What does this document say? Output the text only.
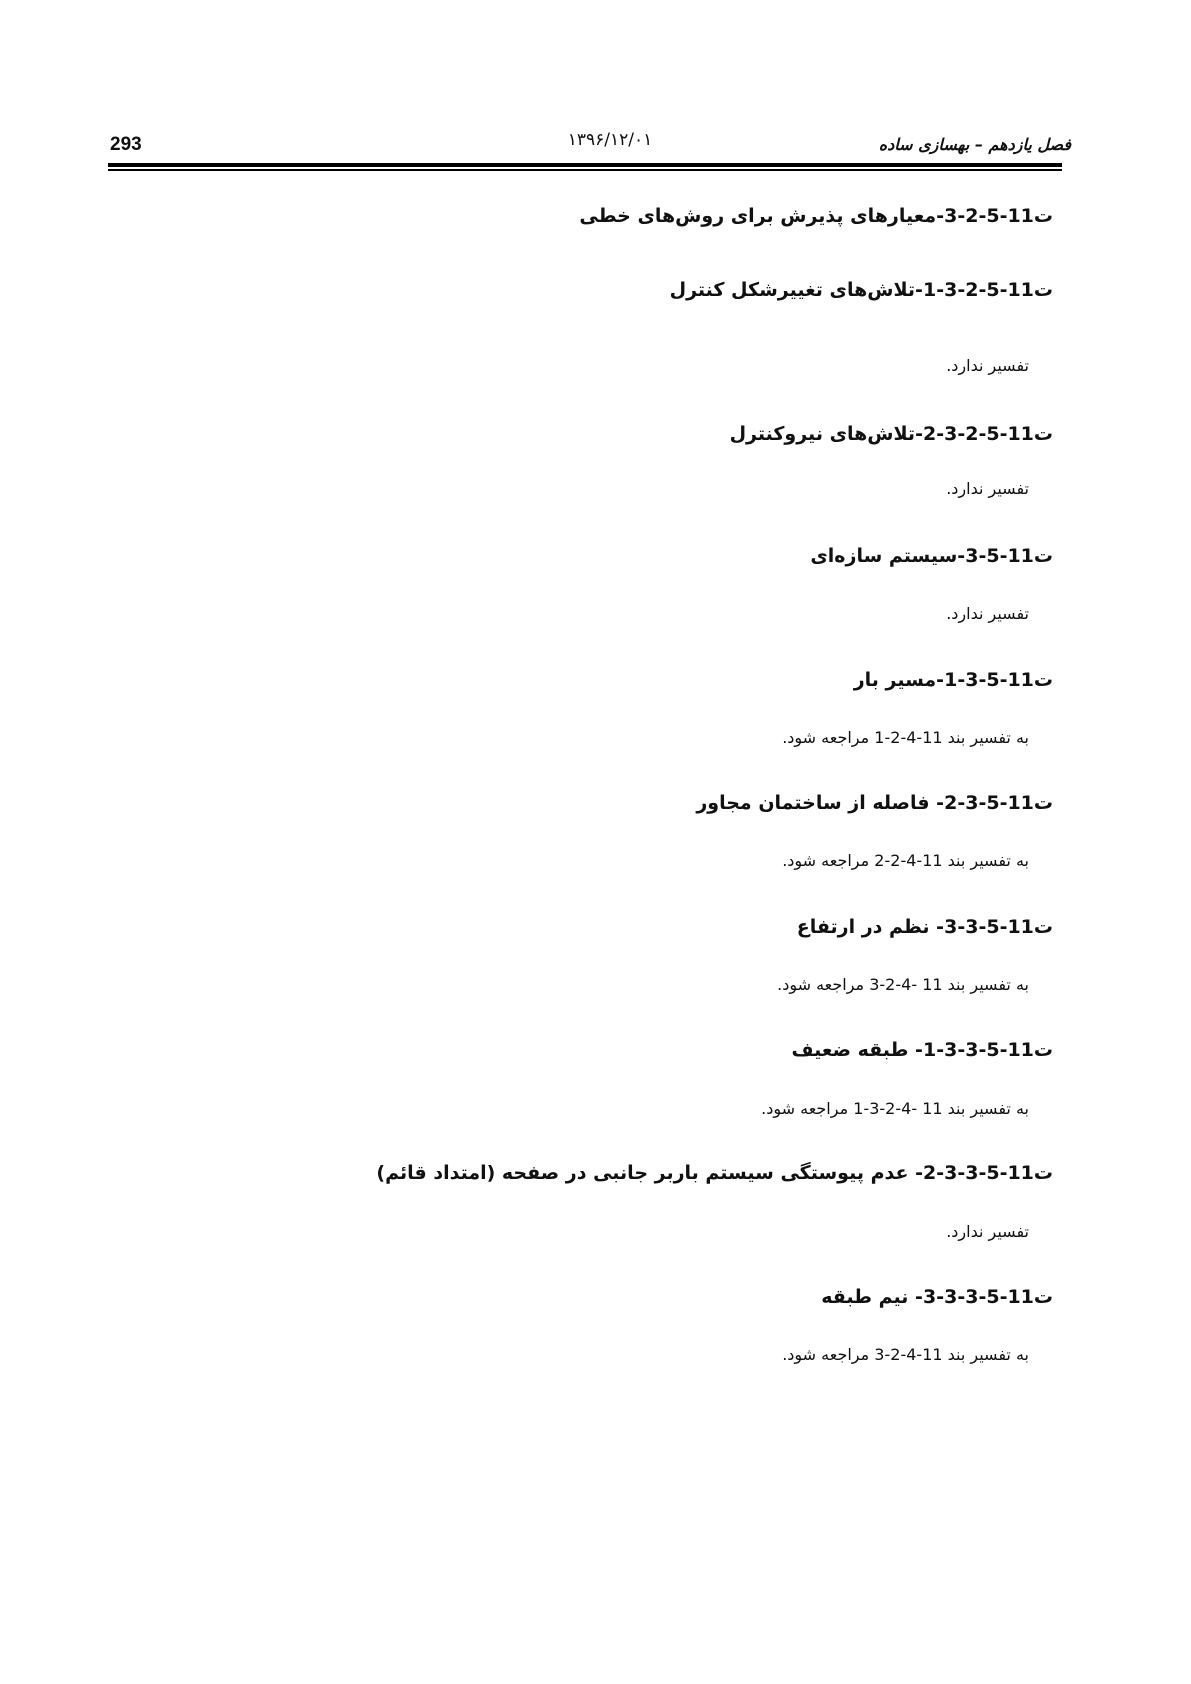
293	۱۳۹۶/۱۲/۰۱	فصل یازدهم – بهسازی ساده
ت11-5-2-3-معیارهای پذیرش برای روش‌های خطی
ت11-5-2-3-1-تلاش‌های تغییرشکل کنترل
تفسیر ندارد.
ت11-5-2-3-2-تلاش‌های نیروکنترل
تفسیر ندارد.
ت11-5-3-سیستم سازه‌ای
تفسیر ندارد.
ت11-5-3-1-مسیر بار
به تفسیر بند 11-4-2-1 مراجعه شود.
ت11-5-3-2- فاصله از ساختمان مجاور
به تفسیر بند 11-4-2-2 مراجعه شود.
ت11-5-3-3- نظم در ارتفاع
به تفسیر بند 11 -4-2-3 مراجعه شود.
ت11-5-3-3-1- طبقه ضعیف
به تفسیر بند 11 -4-2-3-1 مراجعه شود.
ت11-5-3-3-2- عدم پیوستگی سیستم باربر جانبی در صفحه (امتداد قائم)
تفسیر ندارد.
ت11-5-3-3-3- نیم طبقه
به تفسیر بند 11-4-2-3 مراجعه شود.
